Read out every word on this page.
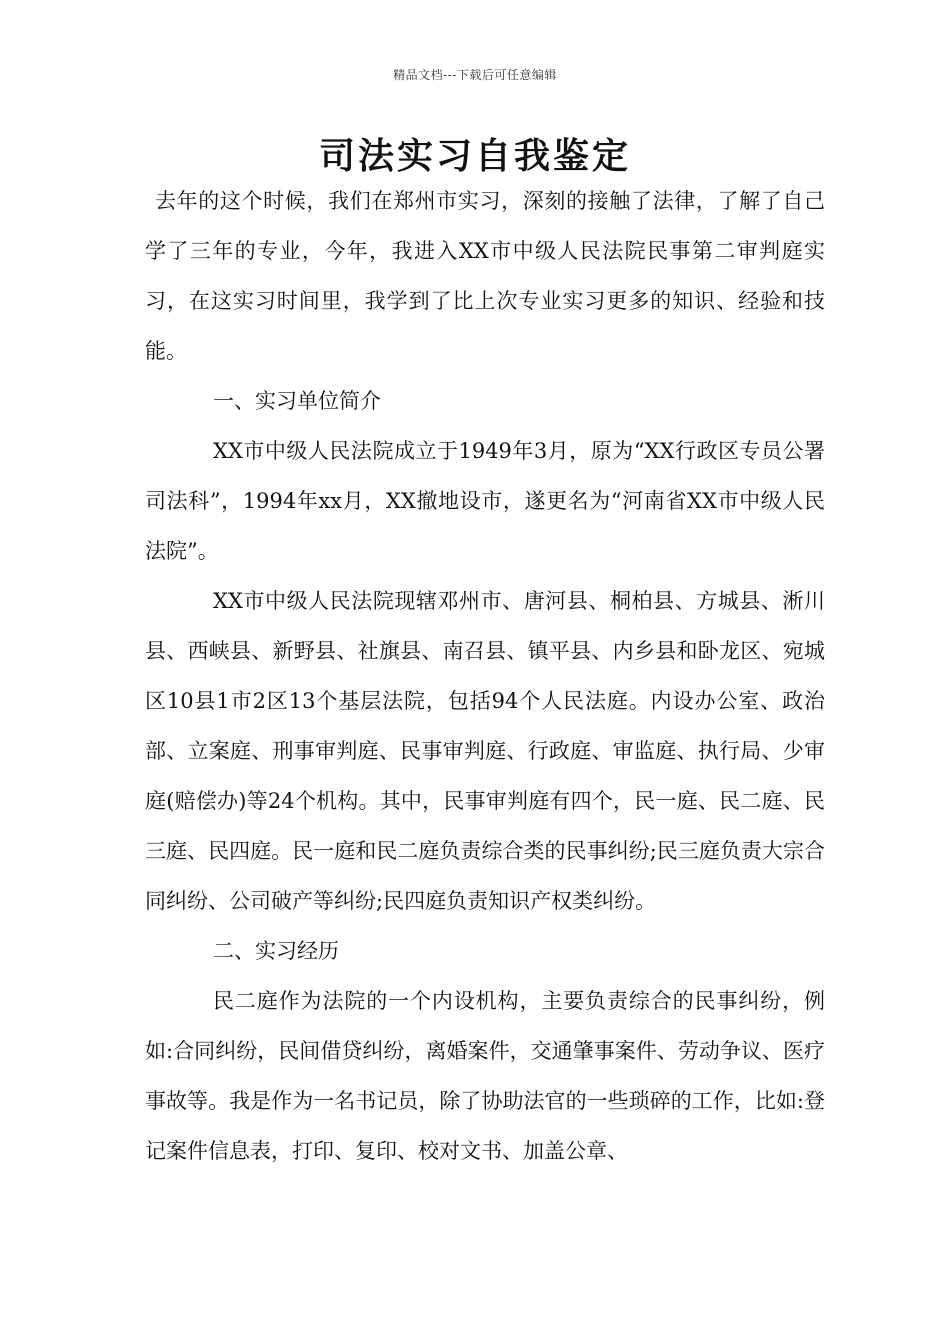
精品文档---下载后可任意编辑
司法实习自我鉴定

去年的这个时候，我们在郑州市实习，深刻的接触了法律，了解了自己学了三年的专业，今年，我进入XX市中级人民法院民事第二审判庭实习，在这实习时间里，我学到了比上次专业实习更多的知识、经验和技能。

一、实习单位简介

XX市中级人民法院成立于1949年3月，原为“XX行政区专员公署司法科”，1994年xx月，XX撤地设市，遂更名为“河南省XX市中级人民法院”。

XX市中级人民法院现辖邓州市、唐河县、桐柏县、方城县、淅川县、西峡县、新野县、社旗县、南召县、镇平县、内乡县和卧龙区、宛城区10县1市2区13个基层法院，包括94个人民法庭。内设办公室、政治部、立案庭、刑事审判庭、民事审判庭、行政庭、审监庭、执行局、少审庭(赔偿办)等24个机构。其中，民事审判庭有四个，民一庭、民二庭、民三庭、民四庭。民一庭和民二庭负责综合类的民事纠纷;民三庭负责大宗合同纠纷、公司破产等纠纷;民四庭负责知识产权类纠纷。

二、实习经历

民二庭作为法院的一个内设机构，主要负责综合的民事纠纷，例如:合同纠纷，民间借贷纠纷，离婚案件，交通肇事案件、劳动争议、医疗事故等。我是作为一名书记员，除了协助法官的一些琐碎的工作，比如:登记案件信息表，打印、复印、校对文书、加盖公章、
